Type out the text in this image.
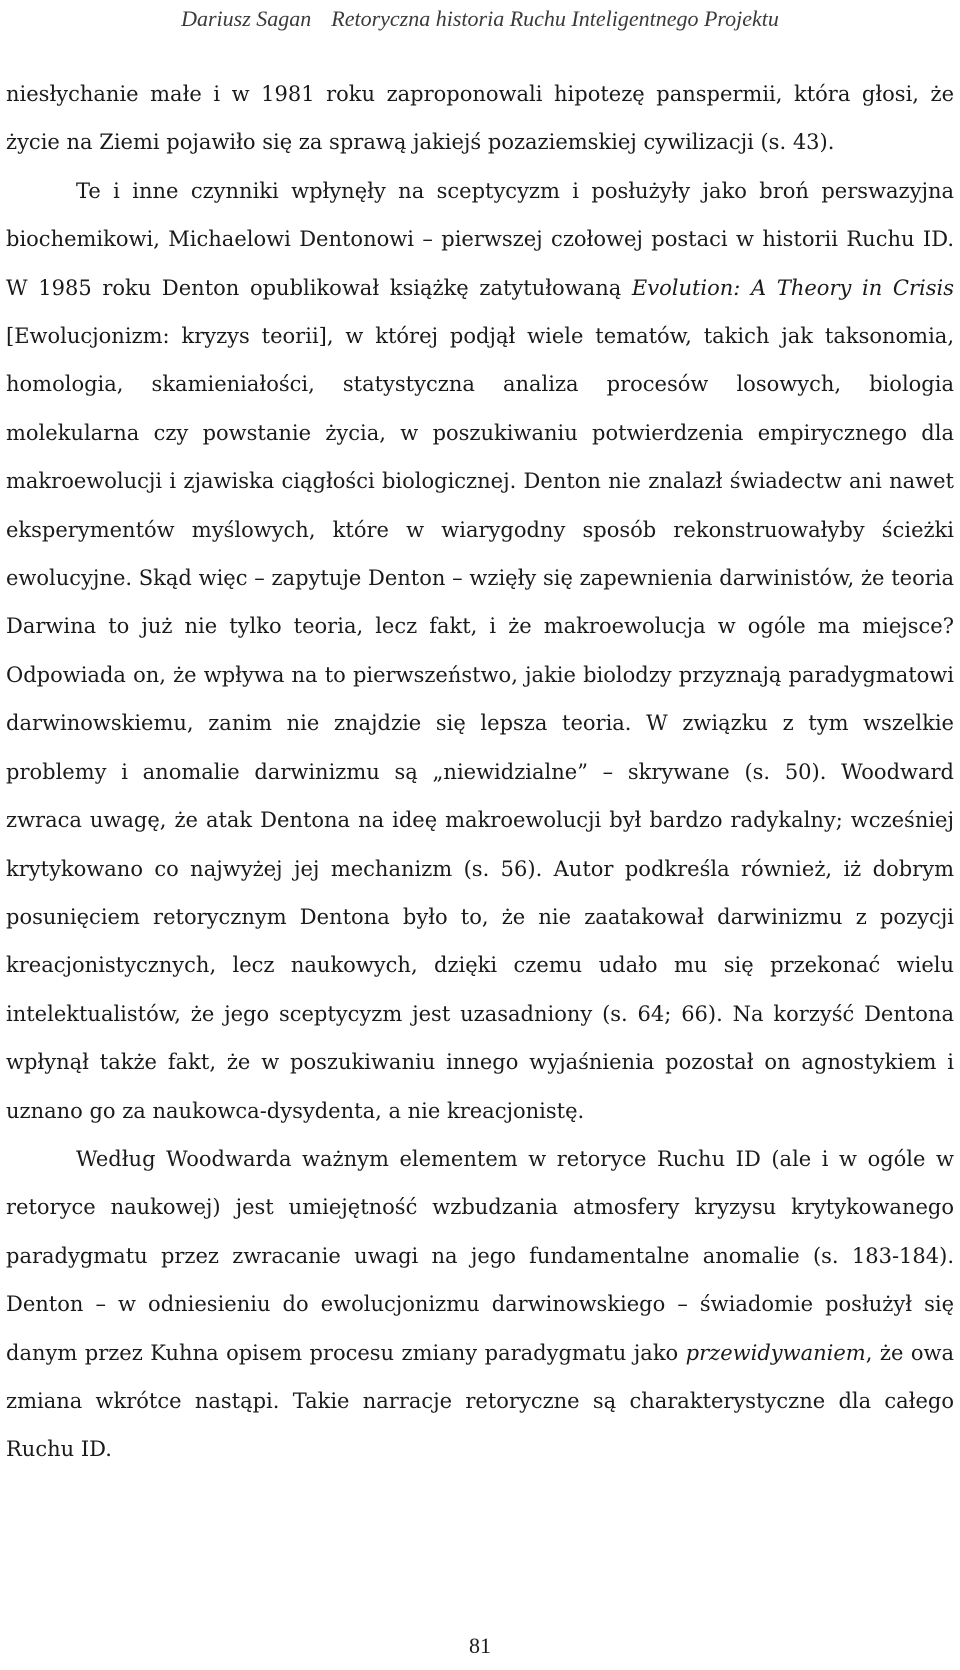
Dariusz Sagan Retoryczna historia Ruchu Inteligentnego Projektu

niesłychanie małe i w 1981 roku zaproponowali hipotezę panspermii, która głosi, że życie na Ziemi pojawiło się za sprawą jakiejś pozaziemskiej cywilizacji (s. 43).

Te i inne czynniki wpłynęły na sceptycyzm i posłużyły jako broń perswazyjna biochemikowi, Michaelowi Dentonowi – pierwszej czołowej postaci w historii Ruchu ID. W 1985 roku Denton opublikował książkę zatytułowaną Evolution: A Theory in Crisis [Ewolucjonizm: kryzys teorii], w której podjął wiele tematów, takich jak taksonomia, homologia, skamieniałości, statystyczna analiza procesów losowych, biologia molekularna czy powstanie życia, w poszukiwaniu potwierdzenia empirycznego dla makroewolucji i zjawiska ciągłości biologicznej. Denton nie znalazł świadectw ani nawet eksperymentów myślowych, które w wiarygodny sposób rekonstruowałyby ścieżki ewolucyjne. Skąd więc – zapytuje Denton – wzięły się zapewnienia darwinistów, że teoria Darwina to już nie tylko teoria, lecz fakt, i że makroewolucja w ogóle ma miejsce? Odpowiada on, że wpływa na to pierwszeństwo, jakie biolodzy przyznają paradygmatowi darwinowskiemu, zanim nie znajdzie się lepsza teoria. W związku z tym wszelkie problemy i anomalie darwinizmu są „niewidzialne” – skrywane (s. 50). Woodward zwraca uwagę, że atak Dentona na ideę makroewolucji był bardzo radykalny; wcześniej krytykowano co najwyżej jej mechanizm (s. 56). Autor podkreśla również, iż dobrym posunięciem retorycznym Dentona było to, że nie zaatakował darwinizmu z pozycji kreacjonistycznych, lecz naukowych, dzięki czemu udało mu się przekonać wielu intelektualistów, że jego sceptycyzm jest uzasadniony (s. 64; 66). Na korzyść Dentona wpłynął także fakt, że w poszukiwaniu innego wyjaśnienia pozostał on agnostykiem i uznano go za naukowca-dysydenta, a nie kreacjonistę.

Według Woodwarda ważnym elementem w retoryce Ruchu ID (ale i w ogóle w retoryce naukowej) jest umiejętność wzbudzania atmosfery kryzysu krytykowanego paradygmatu przez zwracanie uwagi na jego fundamentalne anomalie (s. 183-184). Denton – w odniesieniu do ewolucjonizmu darwinowskiego – świadomie posłużył się danym przez Kuhna opisem procesu zmiany paradygmatu jako przewidywaniem, że owa zmiana wkrótce nastąpi. Takie narracje retoryczne są charakterystyczne dla całego Ruchu ID.

81
